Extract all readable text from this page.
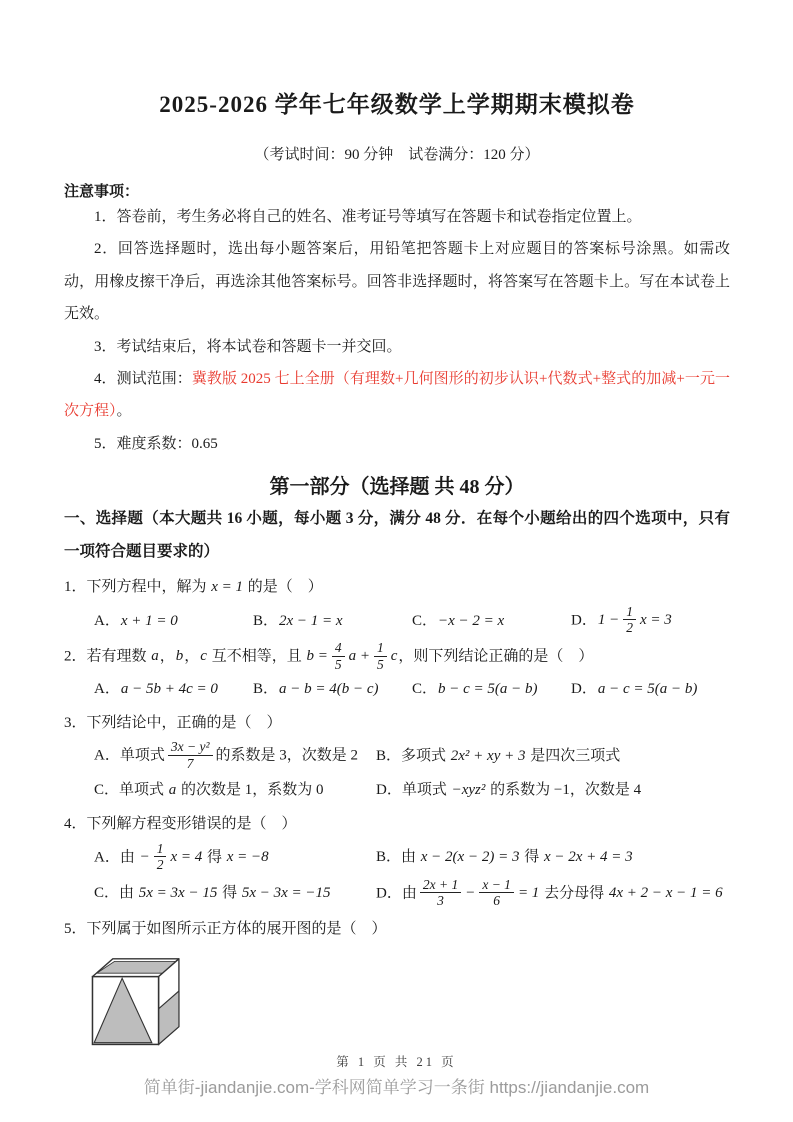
2025-2026 学年七年级数学上学期期末模拟卷
（考试时间：90 分钟　试卷满分：120 分）
注意事项：

1．答卷前，考生务必将自己的姓名、准考证号等填写在答题卡和试卷指定位置上。

2．回答选择题时，选出每小题答案后，用铅笔把答题卡上对应题目的答案标号涂黑。如需改动，用橡皮擦干净后，再选涂其他答案标号。回答非选择题时，将答案写在答题卡上。写在本试卷上无效。

3．考试结束后，将本试卷和答题卡一并交回。

4．测试范围：冀教版 2025 七上全册（有理数+几何图形的初步认识+代数式+整式的加减+一元一次方程）。

5．难度系数：0.65

第一部分（选择题 共 48 分）

一、选择题（本大题共 16 小题，每小题 3 分，满分 48 分．在每个小题给出的四个选项中，只有一项符合题目要求的）

1．下列方程中，解为 x = 1 的是（　）
A．x + 1 = 0	B．2x − 1 = x	C．−x − 2 = x	D．$1 - \frac{1}{2}$ x = 3
2．若有理数 a，b，c 互不相等，且 $b = \frac{4}{5}$ $a + \frac{1}{5}$ c，则下列结论正确的是（　）
A．a − 5b + 4c = 0	B．a − b = 4(b − c)	C．b − c = 5(a − b)	D．a − c = 5(a − b)
3．下列结论中，正确的是（　）
A．单项式 $\frac{\text{3x − y²}}{7}$ 的系数是 3，次数是 2	B．多项式 2x² + xy + 3 是四次三项式
C．单项式 a 的次数是 1，系数为 0	D．单项式 −xyz² 的系数为 −1，次数是 4
4．下列解方程变形错误的是（　）
A．由 − $\frac{1}{2}$ x = 4 得 x = −8	B．由 x − 2(x − 2) = 3 得 x − 2x + 4 = 3
C．由 5x = 3x − 15 得 5x − 3x = −15	D．由 $\frac{2x + 1}{3} - \frac{x - 1}{6} = 1$ 去分母得 4x + 2 − x − 1 = 6
5．下列属于如图所示正方体的展开图的是（　）
第 1 页 共 21 页
简单街-jiandanjie.com-学科网简单学习一条街 https://jiandanjie.com
